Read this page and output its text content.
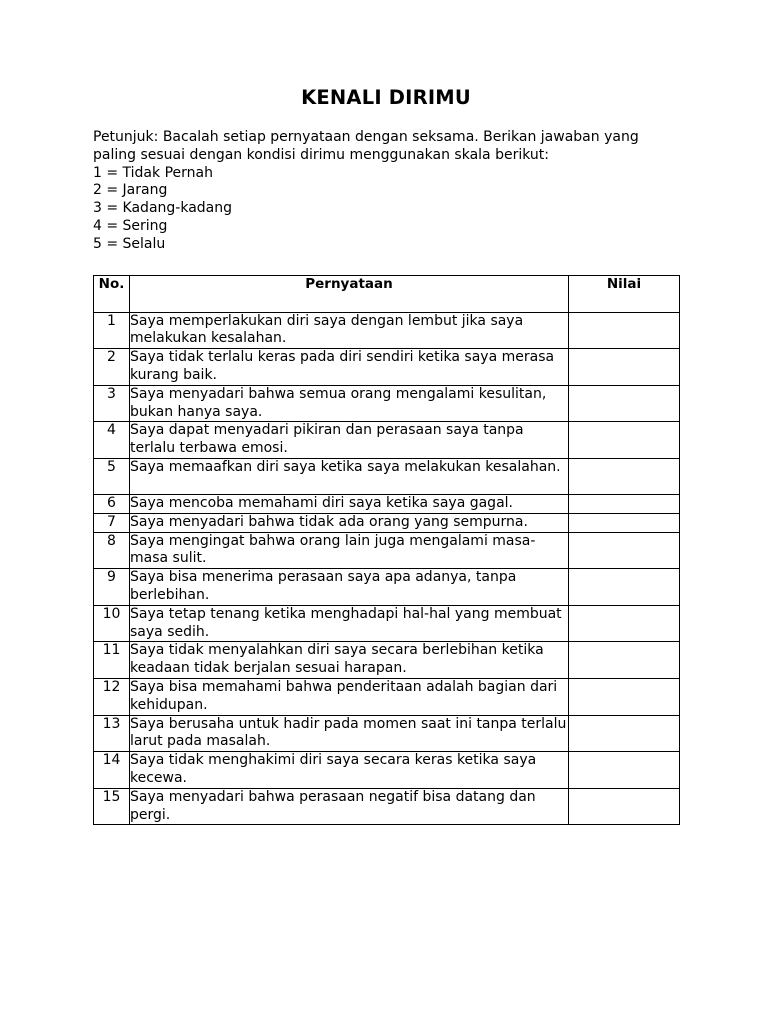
KENALI DIRIMU

Petunjuk: Bacalah setiap pernyataan dengan seksama. Berikan jawaban yang paling sesuai dengan kondisi dirimu menggunakan skala berikut:

1 = Tidak Pernah
2 = Jarang
3 = Kadang-kadang
4 = Sering
5 = Selalu
No.	Pernyataan	Nilai
1	Saya memperlakukan diri saya dengan lembut jika saya melakukan kesalahan.	
2	Saya tidak terlalu keras pada diri sendiri ketika saya merasa kurang baik.	
3	Saya menyadari bahwa semua orang mengalami kesulitan, bukan hanya saya.	
4	Saya dapat menyadari pikiran dan perasaan saya tanpa terlalu terbawa emosi.	
5	Saya memaafkan diri saya ketika saya melakukan kesalahan.	
6	Saya mencoba memahami diri saya ketika saya gagal.	
7	Saya menyadari bahwa tidak ada orang yang sempurna.	
8	Saya mengingat bahwa orang lain juga mengalami masa-masa sulit.	
9	Saya bisa menerima perasaan saya apa adanya, tanpa berlebihan.	
10	Saya tetap tenang ketika menghadapi hal-hal yang membuat saya sedih.	
11	Saya tidak menyalahkan diri saya secara berlebihan ketika keadaan tidak berjalan sesuai harapan.	
12	Saya bisa memahami bahwa penderitaan adalah bagian dari kehidupan.	
13	Saya berusaha untuk hadir pada momen saat ini tanpa terlalu larut pada masalah.	
14	Saya tidak menghakimi diri saya secara keras ketika saya kecewa.	
15	Saya menyadari bahwa perasaan negatif bisa datang dan pergi.	
